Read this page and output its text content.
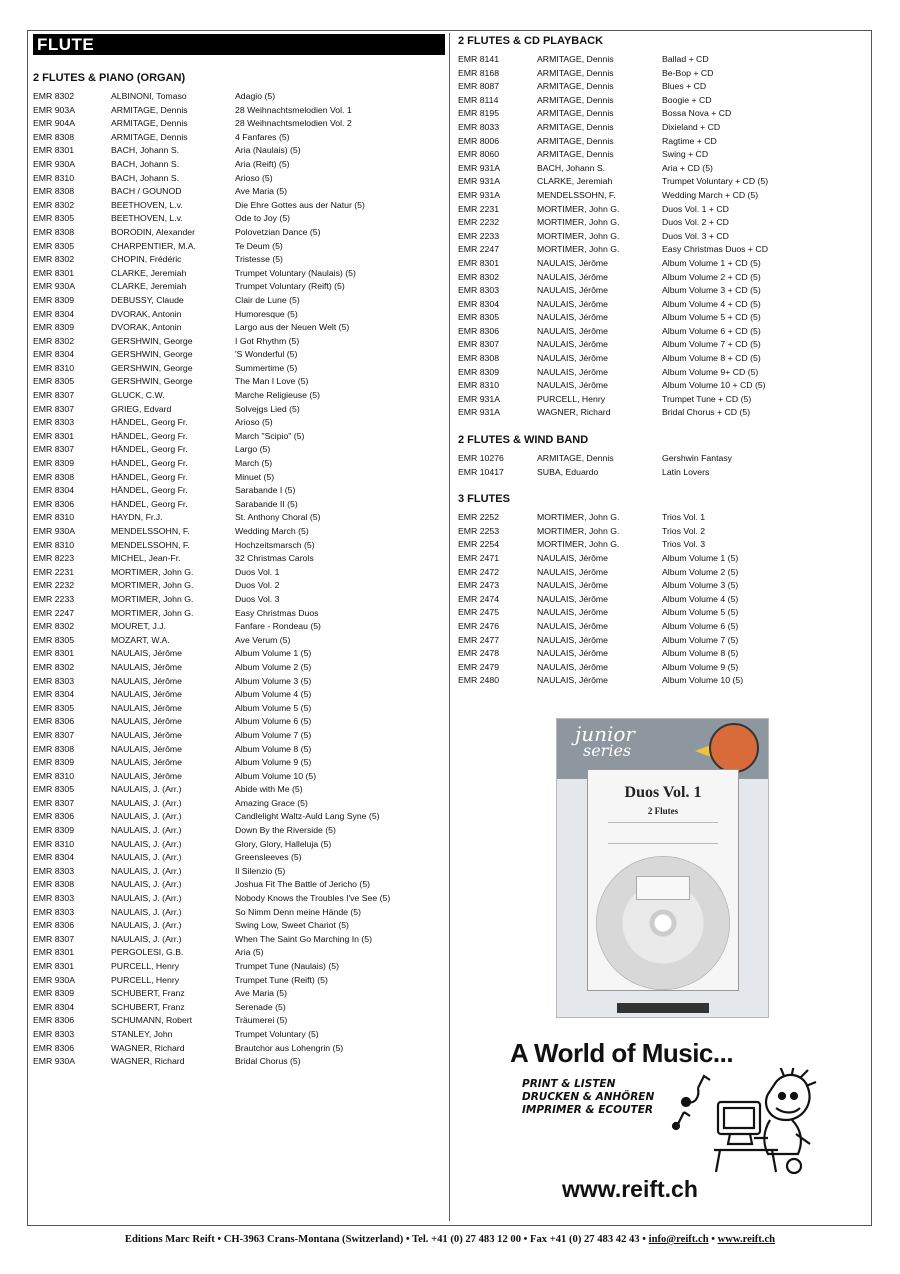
FLUTE
2 FLUTES & PIANO (ORGAN)
EMR 8302	ALBINONI, Tomaso	Adagio (5)
EMR 903A	ARMITAGE, Dennis	28 Weihnachtsmelodien Vol. 1
EMR 904A	ARMITAGE, Dennis	28 Weihnachtsmelodien Vol. 2
EMR 8308	ARMITAGE, Dennis	4 Fanfares (5)
EMR 8301	BACH, Johann S.	Aria (Naulais) (5)
EMR 930A	BACH, Johann S.	Aria (Reift) (5)
EMR 8310	BACH, Johann S.	Arioso (5)
EMR 8308	BACH / GOUNOD	Ave Maria (5)
EMR 8302	BEETHOVEN, L.v.	Die Ehre Gottes aus der Natur (5)
EMR 8305	BEETHOVEN, L.v.	Ode to Joy (5)
EMR 8308	BORODIN, Alexander	Polovetzian Dance (5)
EMR 8305	CHARPENTIER, M.A.	Te Deum (5)
EMR 8302	CHOPIN, Frédéric	Tristesse (5)
EMR 8301	CLARKE, Jeremiah	Trumpet Voluntary (Naulais) (5)
EMR 930A	CLARKE, Jeremiah	Trumpet Voluntary (Reift) (5)
EMR 8309	DEBUSSY, Claude	Clair de Lune (5)
EMR 8304	DVORAK, Antonin	Humoresque (5)
EMR 8309	DVORAK, Antonin	Largo aus der Neuen Welt (5)
EMR 8302	GERSHWIN, George	I Got Rhythm (5)
EMR 8304	GERSHWIN, George	'S Wonderful (5)
EMR 8310	GERSHWIN, George	Summertime (5)
EMR 8305	GERSHWIN, George	The Man I Love (5)
EMR 8307	GLUCK, C.W.	Marche Religieuse (5)
EMR 8307	GRIEG, Edvard	Solvejgs Lied (5)
EMR 8303	HÄNDEL, Georg Fr.	Arioso (5)
EMR 8301	HÄNDEL, Georg Fr.	March "Scipio" (5)
EMR 8307	HÄNDEL, Georg Fr.	Largo (5)
EMR 8309	HÄNDEL, Georg Fr.	March (5)
EMR 8308	HÄNDEL, Georg Fr.	Minuet (5)
EMR 8304	HÄNDEL, Georg Fr.	Sarabande I (5)
EMR 8306	HÄNDEL, Georg Fr.	Sarabande II (5)
EMR 8310	HAYDN, Fr.J.	St. Anthony Choral (5)
EMR 930A	MENDELSSOHN, F.	Wedding March (5)
EMR 8310	MENDELSSOHN, F.	Hochzeitsmarsch (5)
EMR 8223	MICHEL, Jean-Fr.	32 Christmas Carols
EMR 2231	MORTIMER, John G.	Duos Vol. 1
EMR 2232	MORTIMER, John G.	Duos Vol. 2
EMR 2233	MORTIMER, John G.	Duos Vol. 3
EMR 2247	MORTIMER, John G.	Easy Christmas Duos
EMR 8302	MOURET, J.J.	Fanfare - Rondeau (5)
EMR 8305	MOZART, W.A.	Ave Verum (5)
EMR 8301	NAULAIS, Jérôme	Album Volume 1 (5)
EMR 8302	NAULAIS, Jérôme	Album Volume 2 (5)
EMR 8303	NAULAIS, Jérôme	Album Volume 3 (5)
EMR 8304	NAULAIS, Jérôme	Album Volume 4 (5)
EMR 8305	NAULAIS, Jérôme	Album Volume 5 (5)
EMR 8306	NAULAIS, Jérôme	Album Volume 6 (5)
EMR 8307	NAULAIS, Jérôme	Album Volume 7 (5)
EMR 8308	NAULAIS, Jérôme	Album Volume 8 (5)
EMR 8309	NAULAIS, Jérôme	Album Volume 9 (5)
EMR 8310	NAULAIS, Jérôme	Album Volume 10 (5)
EMR 8305	NAULAIS, J. (Arr.)	Abide with Me (5)
EMR 8307	NAULAIS, J. (Arr.)	Amazing Grace (5)
EMR 8306	NAULAIS, J. (Arr.)	Candlelight Waltz-Auld Lang Syne (5)
EMR 8309	NAULAIS, J. (Arr.)	Down By the Riverside (5)
EMR 8310	NAULAIS, J. (Arr.)	Glory, Glory, Halleluja (5)
EMR 8304	NAULAIS, J. (Arr.)	Greensleeves (5)
EMR 8303	NAULAIS, J. (Arr.)	Il Silenzio (5)
EMR 8308	NAULAIS, J. (Arr.)	Joshua Fit The Battle of Jericho (5)
EMR 8303	NAULAIS, J. (Arr.)	Nobody Knows the Troubles I've See (5)
EMR 8303	NAULAIS, J. (Arr.)	So Nimm Denn meine Hände (5)
EMR 8306	NAULAIS, J. (Arr.)	Swing Low, Sweet Chariot (5)
EMR 8307	NAULAIS, J. (Arr.)	When The Saint Go Marching In (5)
EMR 8301	PERGOLESI, G.B.	Aria (5)
EMR 8301	PURCELL, Henry	Trumpet Tune (Naulais) (5)
EMR 930A	PURCELL, Henry	Trumpet Tune (Reift) (5)
EMR 8309	SCHUBERT, Franz	Ave Maria (5)
EMR 8304	SCHUBERT, Franz	Serenade (5)
EMR 8306	SCHUMANN, Robert	Träumerei (5)
EMR 8303	STANLEY, John	Trumpet Voluntary (5)
EMR 8306	WAGNER, Richard	Brautchor aus Lohengrin (5)
EMR 930A	WAGNER, Richard	Bridal Chorus (5)
2 FLUTES & CD PLAYBACK
EMR 8141	ARMITAGE, Dennis	Ballad + CD
EMR 8168	ARMITAGE, Dennis	Be-Bop + CD
EMR 8087	ARMITAGE, Dennis	Blues + CD
EMR 8114	ARMITAGE, Dennis	Boogie + CD
EMR 8195	ARMITAGE, Dennis	Bossa Nova + CD
EMR 8033	ARMITAGE, Dennis	Dixieland + CD
EMR 8006	ARMITAGE, Dennis	Ragtime + CD
EMR 8060	ARMITAGE, Dennis	Swing + CD
EMR 931A	BACH, Johann S.	Aria + CD (5)
EMR 931A	CLARKE, Jeremiah	Trumpet Voluntary + CD (5)
EMR 931A	MENDELSSOHN, F.	Wedding March + CD (5)
EMR 2231	MORTIMER, John G.	Duos Vol. 1 + CD
EMR 2232	MORTIMER, John G.	Duos Vol. 2 + CD
EMR 2233	MORTIMER, John G.	Duos Vol. 3 + CD
EMR 2247	MORTIMER, John G.	Easy Christmas Duos + CD
EMR 8301	NAULAIS, Jérôme	Album Volume 1 + CD (5)
EMR 8302	NAULAIS, Jérôme	Album Volume 2 + CD (5)
EMR 8303	NAULAIS, Jérôme	Album Volume 3 + CD (5)
EMR 8304	NAULAIS, Jérôme	Album Volume 4 + CD (5)
EMR 8305	NAULAIS, Jérôme	Album Volume 5 + CD (5)
EMR 8306	NAULAIS, Jérôme	Album Volume 6 + CD (5)
EMR 8307	NAULAIS, Jérôme	Album Volume 7 + CD (5)
EMR 8308	NAULAIS, Jérôme	Album Volume 8 + CD (5)
EMR 8309	NAULAIS, Jérôme	Album Volume 9+ CD (5)
EMR 8310	NAULAIS, Jérôme	Album Volume 10 + CD (5)
EMR 931A	PURCELL, Henry	Trumpet Tune + CD (5)
EMR 931A	WAGNER, Richard	Bridal Chorus + CD (5)
2 FLUTES & WIND BAND
EMR 10276	ARMITAGE, Dennis	Gershwin Fantasy
EMR 10417	SUBA, Eduardo	Latin Lovers
3 FLUTES
EMR 2252	MORTIMER, John G.	Trios Vol. 1
EMR 2253	MORTIMER, John G.	Trios Vol. 2
EMR 2254	MORTIMER, John G.	Trios Vol. 3
EMR 2471	NAULAIS, Jérôme	Album Volume 1 (5)
EMR 2472	NAULAIS, Jérôme	Album Volume 2 (5)
EMR 2473	NAULAIS, Jérôme	Album Volume 3 (5)
EMR 2474	NAULAIS, Jérôme	Album Volume 4 (5)
EMR 2475	NAULAIS, Jérôme	Album Volume 5 (5)
EMR 2476	NAULAIS, Jérôme	Album Volume 6 (5)
EMR 2477	NAULAIS, Jérôme	Album Volume 7 (5)
EMR 2478	NAULAIS, Jérôme	Album Volume 8 (5)
EMR 2479	NAULAIS, Jérôme	Album Volume 9 (5)
EMR 2480	NAULAIS, Jérôme	Album Volume 10 (5)
junior
series
Duos Vol. 1
2 Flutes
A World of Music...
PRINT & LISTEN
DRUCKEN & ANHÖREN
IMPRIMER & ECOUTER
www.reift.ch
Editions Marc Reift • CH-3963 Crans-Montana (Switzerland) • Tel. +41 (0) 27 483 12 00 • Fax +41 (0) 27 483 42 43 • info@reift.ch • www.reift.ch
